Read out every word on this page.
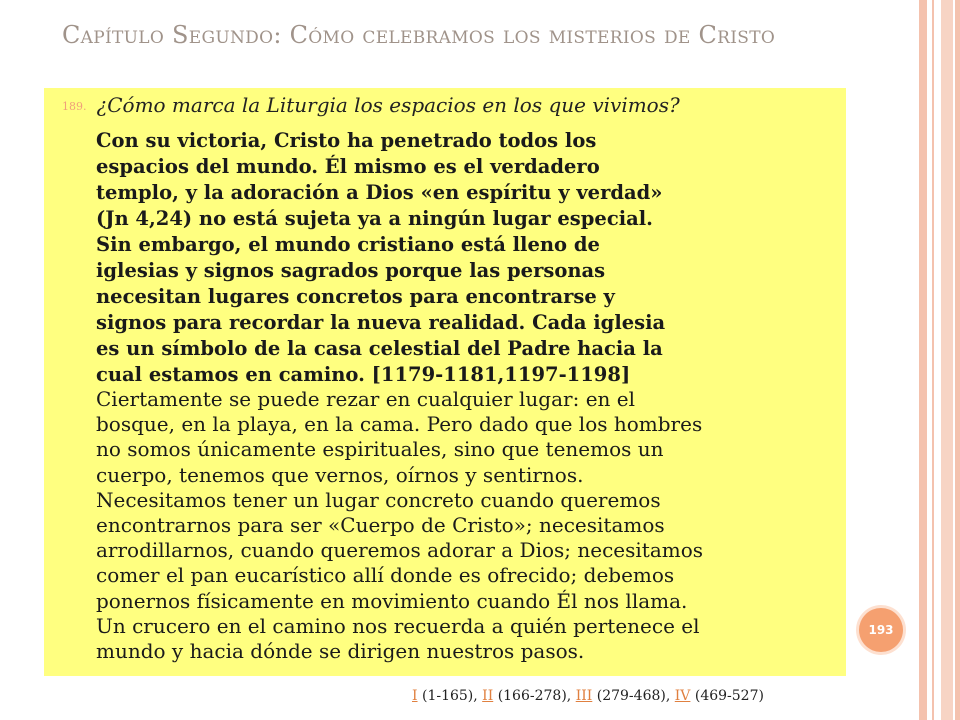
Capítulo Segundo: Cómo celebramos los misterios de Cristo
189. ¿Cómo marca la Liturgia los espacios en los que vivimos?
Con su victoria, Cristo ha penetrado todos los
espacios del mundo. Él mismo es el verdadero
templo, y la adoración a Dios «en espíritu y verdad»
(Jn 4,24) no está sujeta ya a ningún lugar especial.
Sin embargo, el mundo cristiano está lleno de
iglesias y signos sagrados porque las personas
necesitan lugares concretos para encontrarse y
signos para recordar la nueva realidad. Cada iglesia
es un símbolo de la casa celestial del Padre hacia la
cual estamos en camino. [1179-1181,1197-1198]
Ciertamente se puede rezar en cualquier lugar: en el
bosque, en la playa, en la cama. Pero dado que los hombres
no somos únicamente espirituales, sino que tenemos un
cuerpo, tenemos que vernos, oírnos y sentirnos.
Necesitamos tener un lugar concreto cuando queremos
encontrarnos para ser «Cuerpo de Cristo»; necesitamos
arrodillarnos, cuando queremos adorar a Dios; necesitamos
comer el pan eucarístico allí donde es ofrecido; debemos
ponernos físicamente en movimiento cuando Él nos llama.
Un crucero en el camino nos recuerda a quién pertenece el
mundo y hacia dónde se dirigen nuestros pasos.
193
I (1-165), II (166-278), III (279-468), IV (469-527)
